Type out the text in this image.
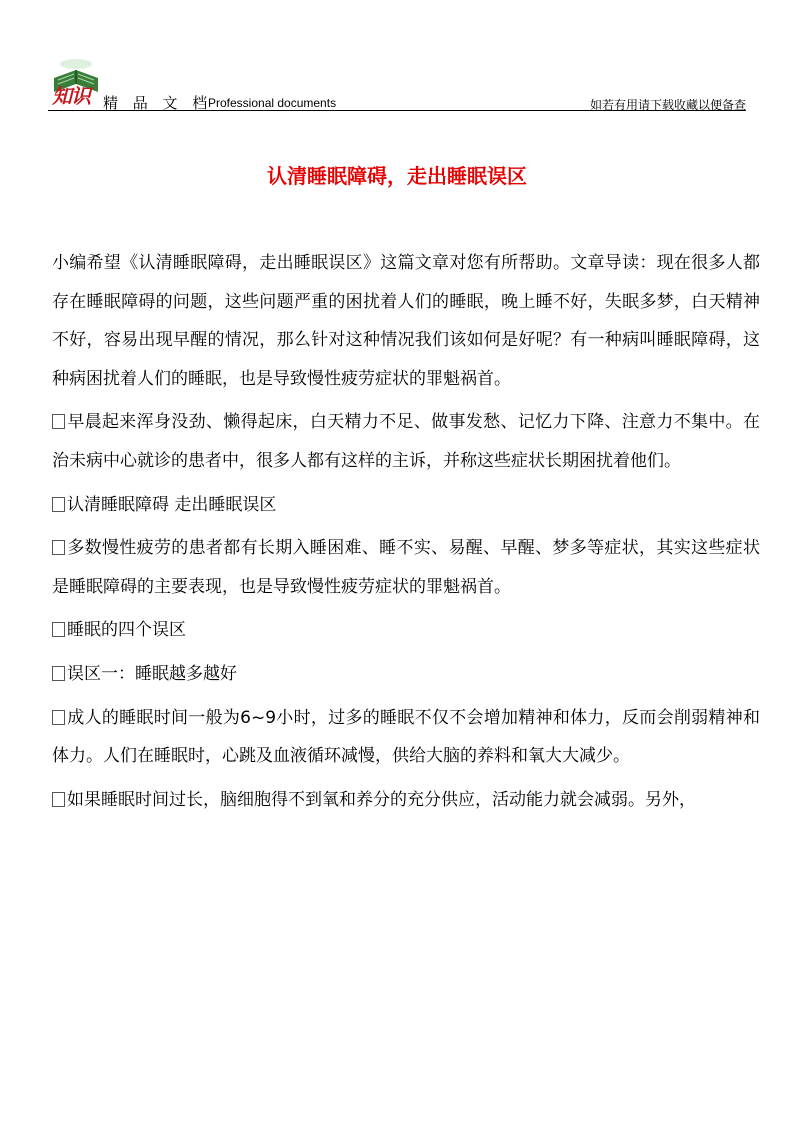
知识 精 品 文 档
Professional documents	如若有用请下载收藏以便备查
认清睡眠障碍，走出睡眠误区

小编希望《认清睡眠障碍，走出睡眠误区》这篇文章对您有所帮助。文章导读：现在很多人都存在睡眠障碍的问题，这些问题严重的困扰着人们的睡眠，晚上睡不好，失眠多梦，白天精神不好，容易出现早醒的情况，那么针对这种情况我们该如何是好呢？有一种病叫睡眠障碍，这种病困扰着人们的睡眠，也是导致慢性疲劳症状的罪魁祸首。

早晨起来浑身没劲、懒得起床，白天精力不足、做事发愁、记忆力下降、注意力不集中。在治未病中心就诊的患者中，很多人都有这样的主诉，并称这些症状长期困扰着他们。

认清睡眠障碍 走出睡眠误区

多数慢性疲劳的患者都有长期入睡困难、睡不实、易醒、早醒、梦多等症状，其实这些症状是睡眠障碍的主要表现，也是导致慢性疲劳症状的罪魁祸首。

睡眠的四个误区

误区一：睡眠越多越好

成人的睡眠时间一般为6~9小时，过多的睡眠不仅不会增加精神和体力，反而会削弱精神和体力。人们在睡眠时，心跳及血液循环减慢，供给大脑的养料和氧大大减少。

如果睡眠时间过长，脑细胞得不到氧和养分的充分供应，活动能力就会减弱。另外，
